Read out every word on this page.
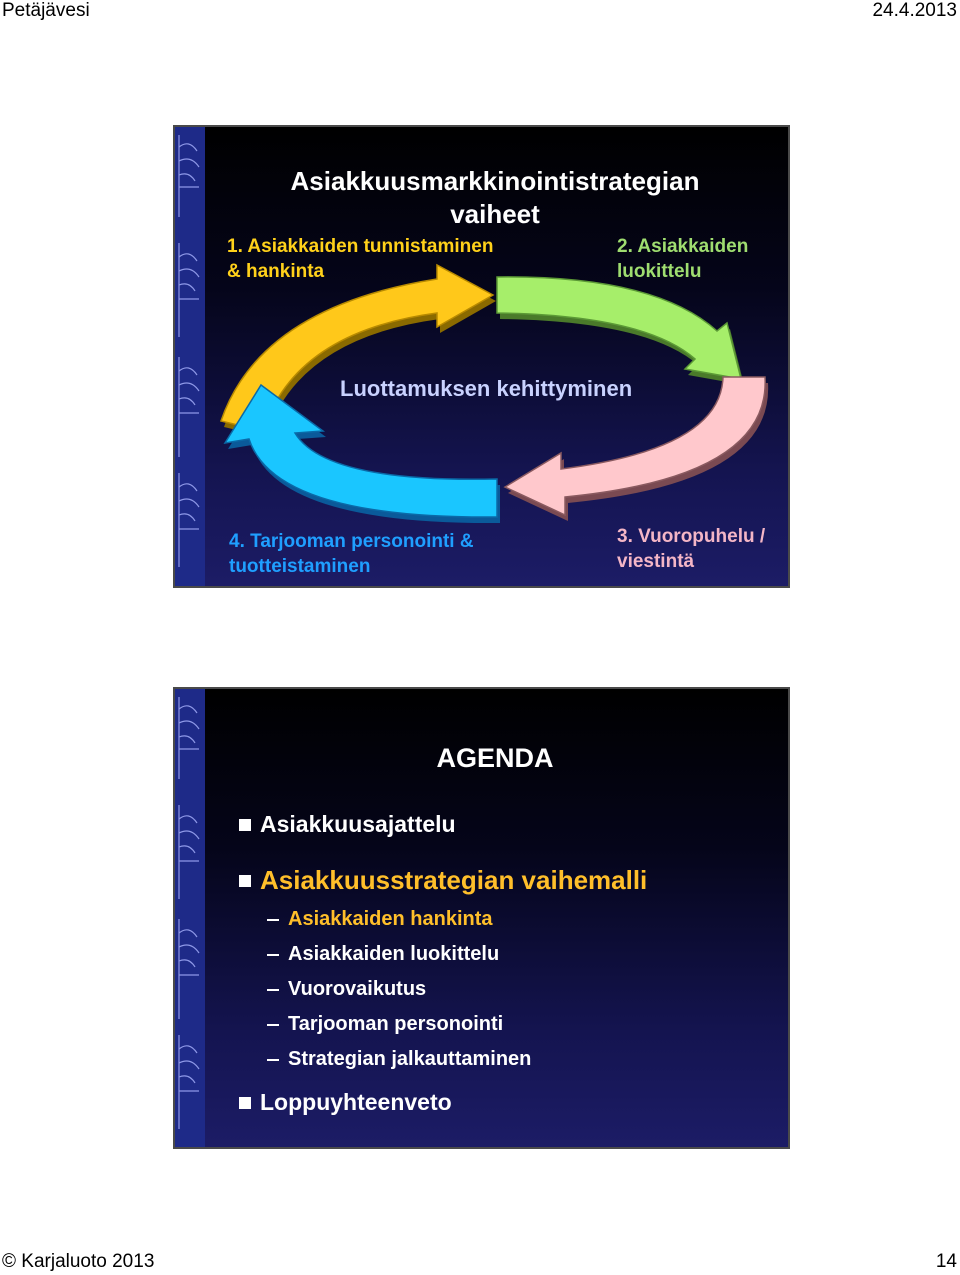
Petäjävesi	24.4.2013
Asiakkuusmarkkinointistrategian
vaiheet
1. Asiakkaiden tunnistaminen
& hankinta
2. Asiakkaiden
luokittelu
Luottamuksen kehittyminen
4. Tarjooman personointi &
tuotteistaminen
3. Vuoropuhelu /
viestintä
AGENDA
Asiakkuusajattelu
Asiakkuusstrategian vaihemalli
Asiakkaiden hankinta
Asiakkaiden luokittelu
Vuorovaikutus
Tarjooman personointi
Strategian jalkauttaminen
Loppuyhteenveto
© Karjaluoto 2013	14
